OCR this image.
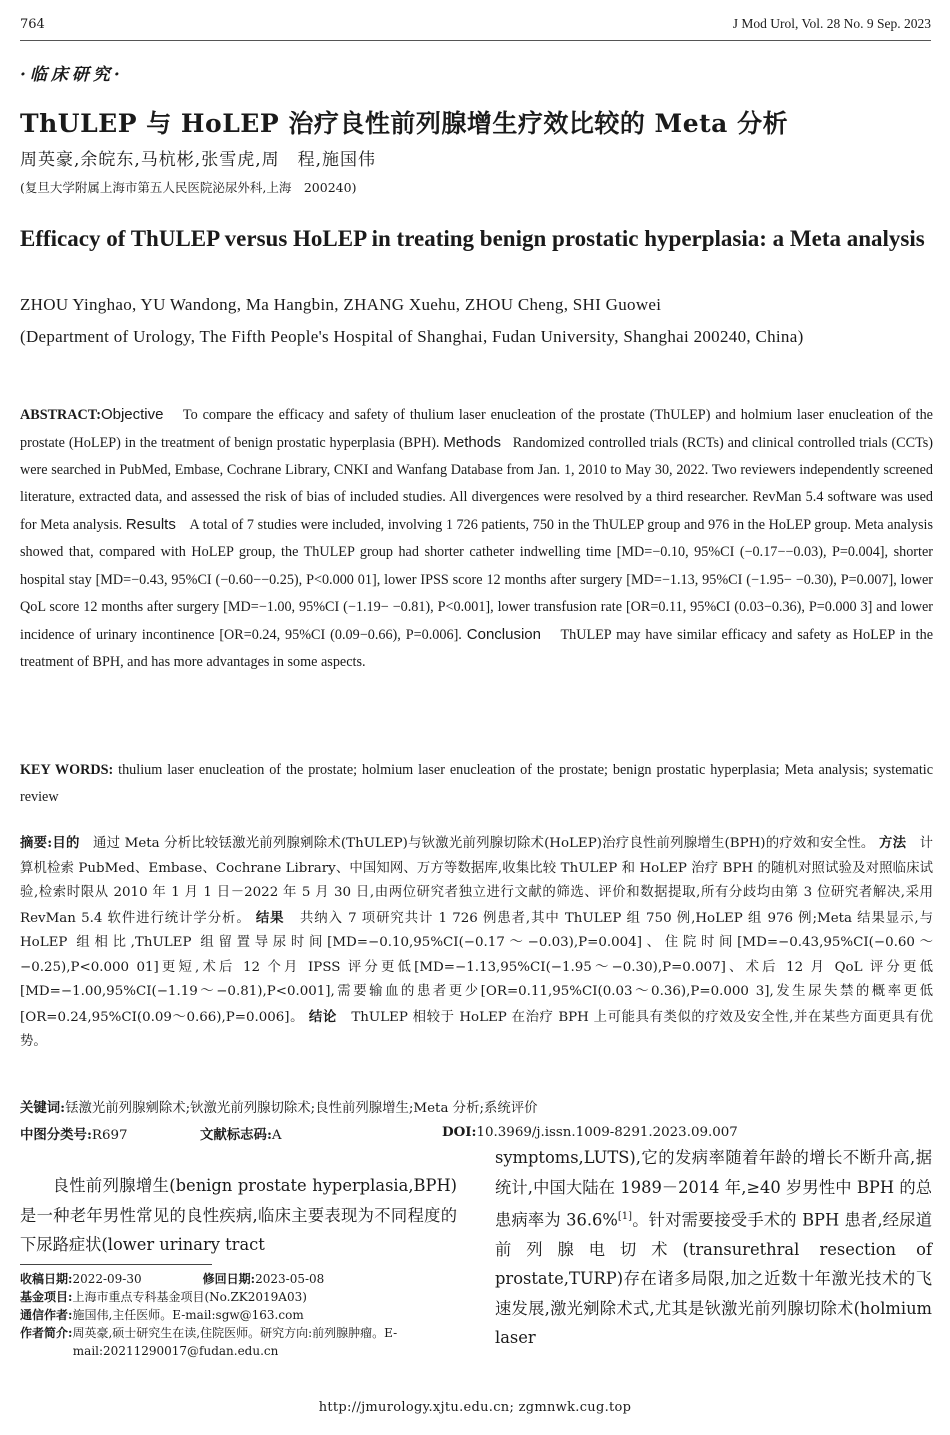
764	J Mod Urol, Vol. 28 No. 9 Sep. 2023
·临床研究·
ThULEP 与 HoLEP 治疗良性前列腺增生疗效比较的 Meta 分析
周英豪,余皖东,马杭彬,张雪虎,周　程,施国伟
(复旦大学附属上海市第五人民医院泌尿外科,上海　200240)
Efficacy of ThULEP versus HoLEP in treating benign prostatic hyperplasia: a Meta analysis
ZHOU Yinghao, YU Wandong, Ma Hangbin, ZHANG Xuehu, ZHOU Cheng, SHI Guowei
(Department of Urology, The Fifth People's Hospital of Shanghai, Fudan University, Shanghai 200240, China)
ABSTRACT:Objective To compare the efficacy and safety of thulium laser enucleation of the prostate (ThULEP) and holmium laser enucleation of the prostate (HoLEP) in the treatment of benign prostatic hyperplasia (BPH). Methods Randomized controlled trials (RCTs) and clinical controlled trials (CCTs) were searched in PubMed, Embase, Cochrane Library, CNKI and Wanfang Database from Jan. 1, 2010 to May 30, 2022. Two reviewers independently screened literature, extracted data, and assessed the risk of bias of included studies. All divergences were resolved by a third researcher. RevMan 5.4 software was used for Meta analysis. Results A total of 7 studies were included, involving 1 726 patients, 750 in the ThULEP group and 976 in the HoLEP group. Meta analysis showed that, compared with HoLEP group, the ThULEP group had shorter catheter indwelling time [MD=−0.10, 95%CI (−0.17−−0.03), P=0.004], shorter hospital stay [MD=−0.43, 95%CI (−0.60−−0.25), P<0.000 01], lower IPSS score 12 months after surgery [MD=−1.13, 95%CI (−1.95− −0.30), P=0.007], lower QoL score 12 months after surgery [MD=−1.00, 95%CI (−1.19− −0.81), P<0.001], lower transfusion rate [OR=0.11, 95%CI (0.03−0.36), P=0.000 3] and lower incidence of urinary incontinence [OR=0.24, 95%CI (0.09−0.66), P=0.006]. Conclusion ThULEP may have similar efficacy and safety as HoLEP in the treatment of BPH, and has more advantages in some aspects.
KEY WORDS: thulium laser enucleation of the prostate; holmium laser enucleation of the prostate; benign prostatic hyperplasia; Meta analysis; systematic review
摘要:目的 通过 Meta 分析比较铥激光前列腺剜除术(ThULEP)与钬激光前列腺切除术(HoLEP)治疗良性前列腺增生(BPH)的疗效和安全性。 方法 计算机检索 PubMed、Embase、Cochrane Library、中国知网、万方等数据库,收集比较 ThULEP 和 HoLEP 治疗 BPH 的随机对照试验及对照临床试验,检索时限从 2010 年 1 月 1 日－2022 年 5 月 30 日,由两位研究者独立进行文献的筛选、评价和数据提取,所有分歧均由第 3 位研究者解决,采用 RevMan 5.4 软件进行统计学分析。 结果 共纳入 7 项研究共计 1 726 例患者,其中 ThULEP 组 750 例,HoLEP 组 976 例;Meta 结果显示,与 HoLEP 组相比,ThULEP 组留置导尿时间[MD=−0.10,95%CI(−0.17～−0.03),P=0.004]、住院时间[MD=−0.43,95%CI(−0.60～−0.25),P<0.000 01]更短,术后 12 个月 IPSS 评分更低[MD=−1.13,95%CI(−1.95～−0.30),P=0.007]、术后 12 月 QoL 评分更低[MD=−1.00,95%CI(−1.19～−0.81),P<0.001],需要输血的患者更少[OR=0.11,95%CI(0.03～0.36),P=0.000 3],发生尿失禁的概率更低[OR=0.24,95%CI(0.09～0.66),P=0.006]。 结论 ThULEP 相较于 HoLEP 在治疗 BPH 上可能具有类似的疗效及安全性,并在某些方面更具有优势。
关键词:铥激光前列腺剜除术;钬激光前列腺切除术;良性前列腺增生;Meta 分析;系统评价
中图分类号:R697	文献标志码:A	DOI:10.3969/j.issn.1009-8291.2023.09.007
良性前列腺增生(benign prostate hyperplasia,BPH)是一种老年男性常见的良性疾病,临床主要表现为不同程度的下尿路症状(lower urinary tract
symptoms,LUTS),它的发病率随着年龄的增长不断升高,据统计,中国大陆在 1989－2014 年,≥40 岁男性中 BPH 的总患病率为 36.6%[1]。针对需要接受手术的 BPH 患者,经尿道前列腺电切术(transurethral resection of prostate,TURP)存在诸多局限,加之近数十年激光技术的飞速发展,激光剜除术式,尤其是钬激光前列腺切除术(holmium laser
收稿日期:2022-09-30	修回日期:2023-05-08
基金项目:上海市重点专科基金项目(No.ZK2019A03)
通信作者:施国伟,主任医师。E-mail:sgw@163.com
作者简介:周英豪,硕士研究生在读,住院医师。研究方向:前列腺肿瘤。E-mail:20211290017@fudan.edu.cn
http://jmurology.xjtu.edu.cn; zgmnwk.cug.top
